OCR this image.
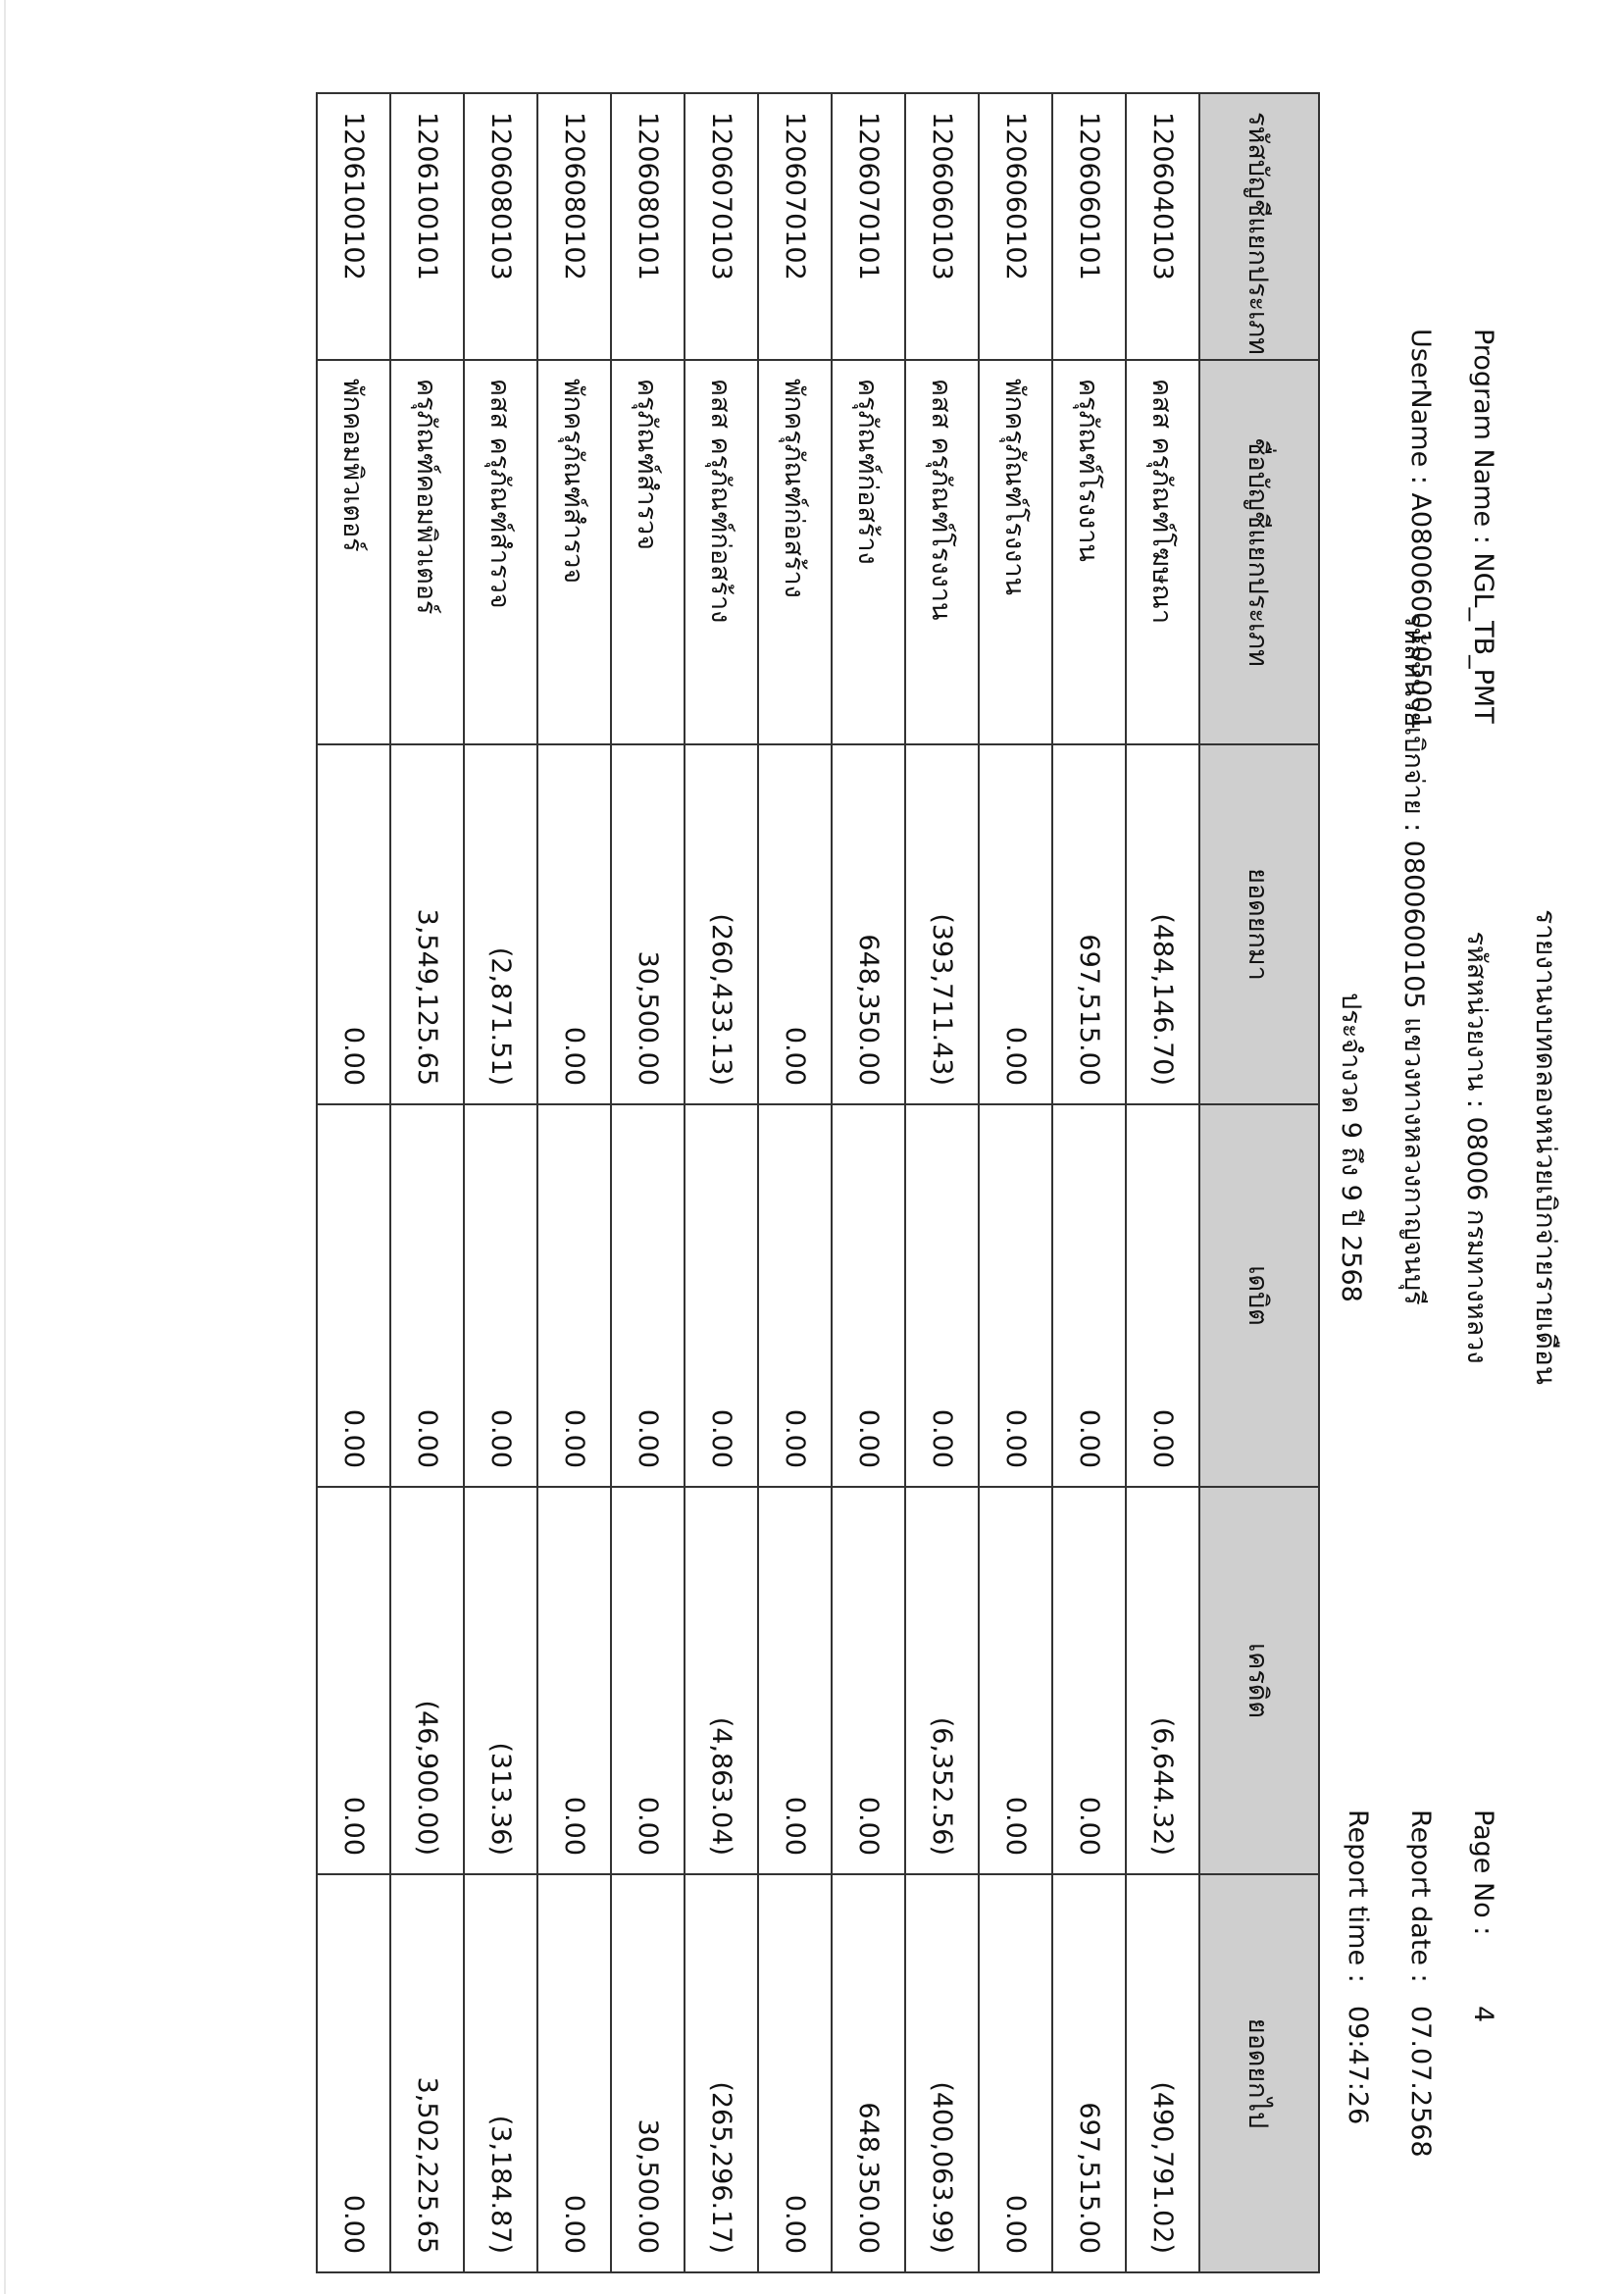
รายงานงบทดลองหน่วยเบิกจ่ายรายเดือน
Program Name : NGL_TB_PMT
UserName : A0800600105001
รหัสหน่วยงาน : 08006 กรมทางหลวง
รหัสหน่วยเบิกจ่าย : 0800600105 แขวงทางหลวงกาญจนบุรี
ประจำงวด 9 ถึง 9 ปี 2568
Page No :
4
Report date :
07.07.2568
Report time :
09:47:26
รหัสบัญชีแยกประเภท	ชื่อบัญชีแยกประเภท	ยอดยกมา	เดบิต	เครดิต	ยอดยกไป
1206040103	คสส ครุภัณฑ์โฆษณา	(484,146.70)	0.00	(6,644.32)	(490,791.02)
1206060101	ครุภัณฑ์โรงงาน	697,515.00	0.00	0.00	697,515.00
1206060102	พักครุภัณฑ์โรงงาน	0.00	0.00	0.00	0.00
1206060103	คสส ครุภัณฑ์โรงงาน	(393,711.43)	0.00	(6,352.56)	(400,063.99)
1206070101	ครุภัณฑ์ก่อสร้าง	648,350.00	0.00	0.00	648,350.00
1206070102	พักครุภัณฑ์ก่อสร้าง	0.00	0.00	0.00	0.00
1206070103	คสส ครุภัณฑ์ก่อสร้าง	(260,433.13)	0.00	(4,863.04)	(265,296.17)
1206080101	ครุภัณฑ์สำรวจ	30,500.00	0.00	0.00	30,500.00
1206080102	พักครุภัณฑ์สำรวจ	0.00	0.00	0.00	0.00
1206080103	คสส ครุภัณฑ์สำรวจ	(2,871.51)	0.00	(313.36)	(3,184.87)
1206100101	ครุภัณฑ์คอมพิวเตอร์	3,549,125.65	0.00	(46,900.00)	3,502,225.65
1206100102	พักคอมพิวเตอร์	0.00	0.00	0.00	0.00
